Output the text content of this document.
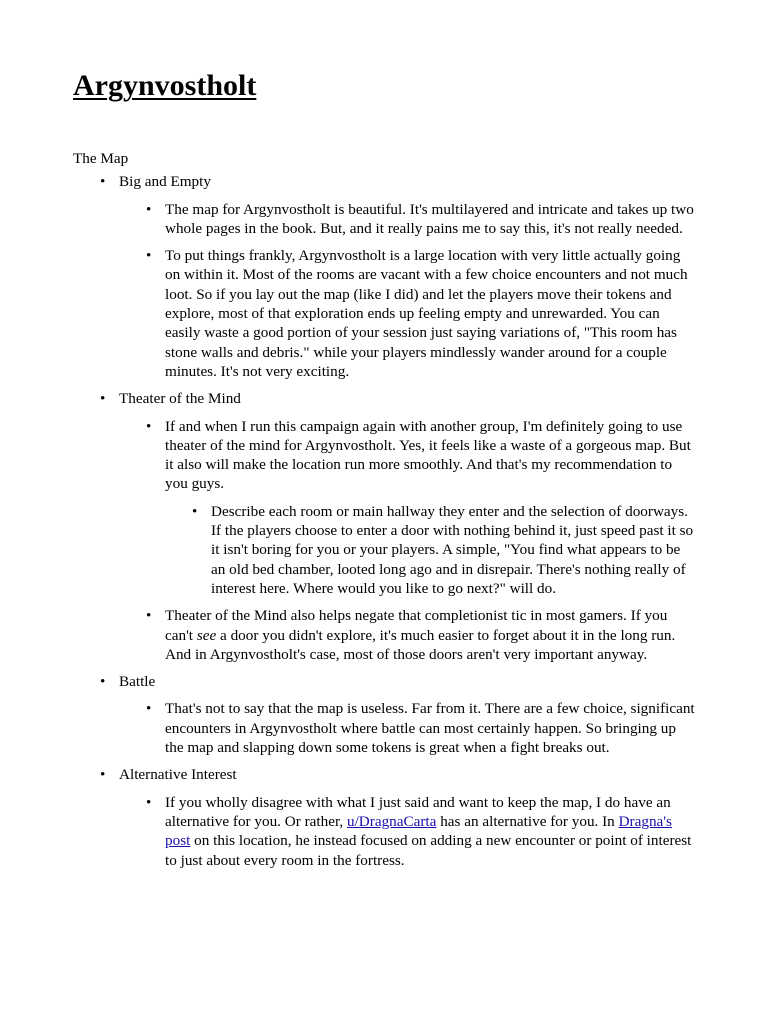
Argynvostholt
The Map
• Big and Empty
• The map for Argynvostholt is beautiful. It's multilayered and intricate and takes up two whole pages in the book. But, and it really pains me to say this, it's not really needed.
• To put things frankly, Argynvostholt is a large location with very little actually going on within it. Most of the rooms are vacant with a few choice encounters and not much loot. So if you lay out the map (like I did) and let the players move their tokens and explore, most of that exploration ends up feeling empty and unrewarded. You can easily waste a good portion of your session just saying variations of, "This room has stone walls and debris." while your players mindlessly wander around for a couple minutes. It's not very exciting.
• Theater of the Mind
• If and when I run this campaign again with another group, I'm definitely going to use theater of the mind for Argynvostholt. Yes, it feels like a waste of a gorgeous map. But it also will make the location run more smoothly. And that's my recommendation to you guys.
• Describe each room or main hallway they enter and the selection of doorways. If the players choose to enter a door with nothing behind it, just speed past it so it isn't boring for you or your players. A simple, "You find what appears to be an old bed chamber, looted long ago and in disrepair. There's nothing really of interest here. Where would you like to go next?" will do.
• Theater of the Mind also helps negate that completionist tic in most gamers. If you can't see a door you didn't explore, it's much easier to forget about it in the long run. And in Argynvostholt's case, most of those doors aren't very important anyway.
• Battle
• That's not to say that the map is useless. Far from it. There are a few choice, significant encounters in Argynvostholt where battle can most certainly happen. So bringing up the map and slapping down some tokens is great when a fight breaks out.
• Alternative Interest
• If you wholly disagree with what I just said and want to keep the map, I do have an alternative for you. Or rather, u/DragnaCarta has an alternative for you. In Dragna's post on this location, he instead focused on adding a new encounter or point of interest to just about every room in the fortress.
